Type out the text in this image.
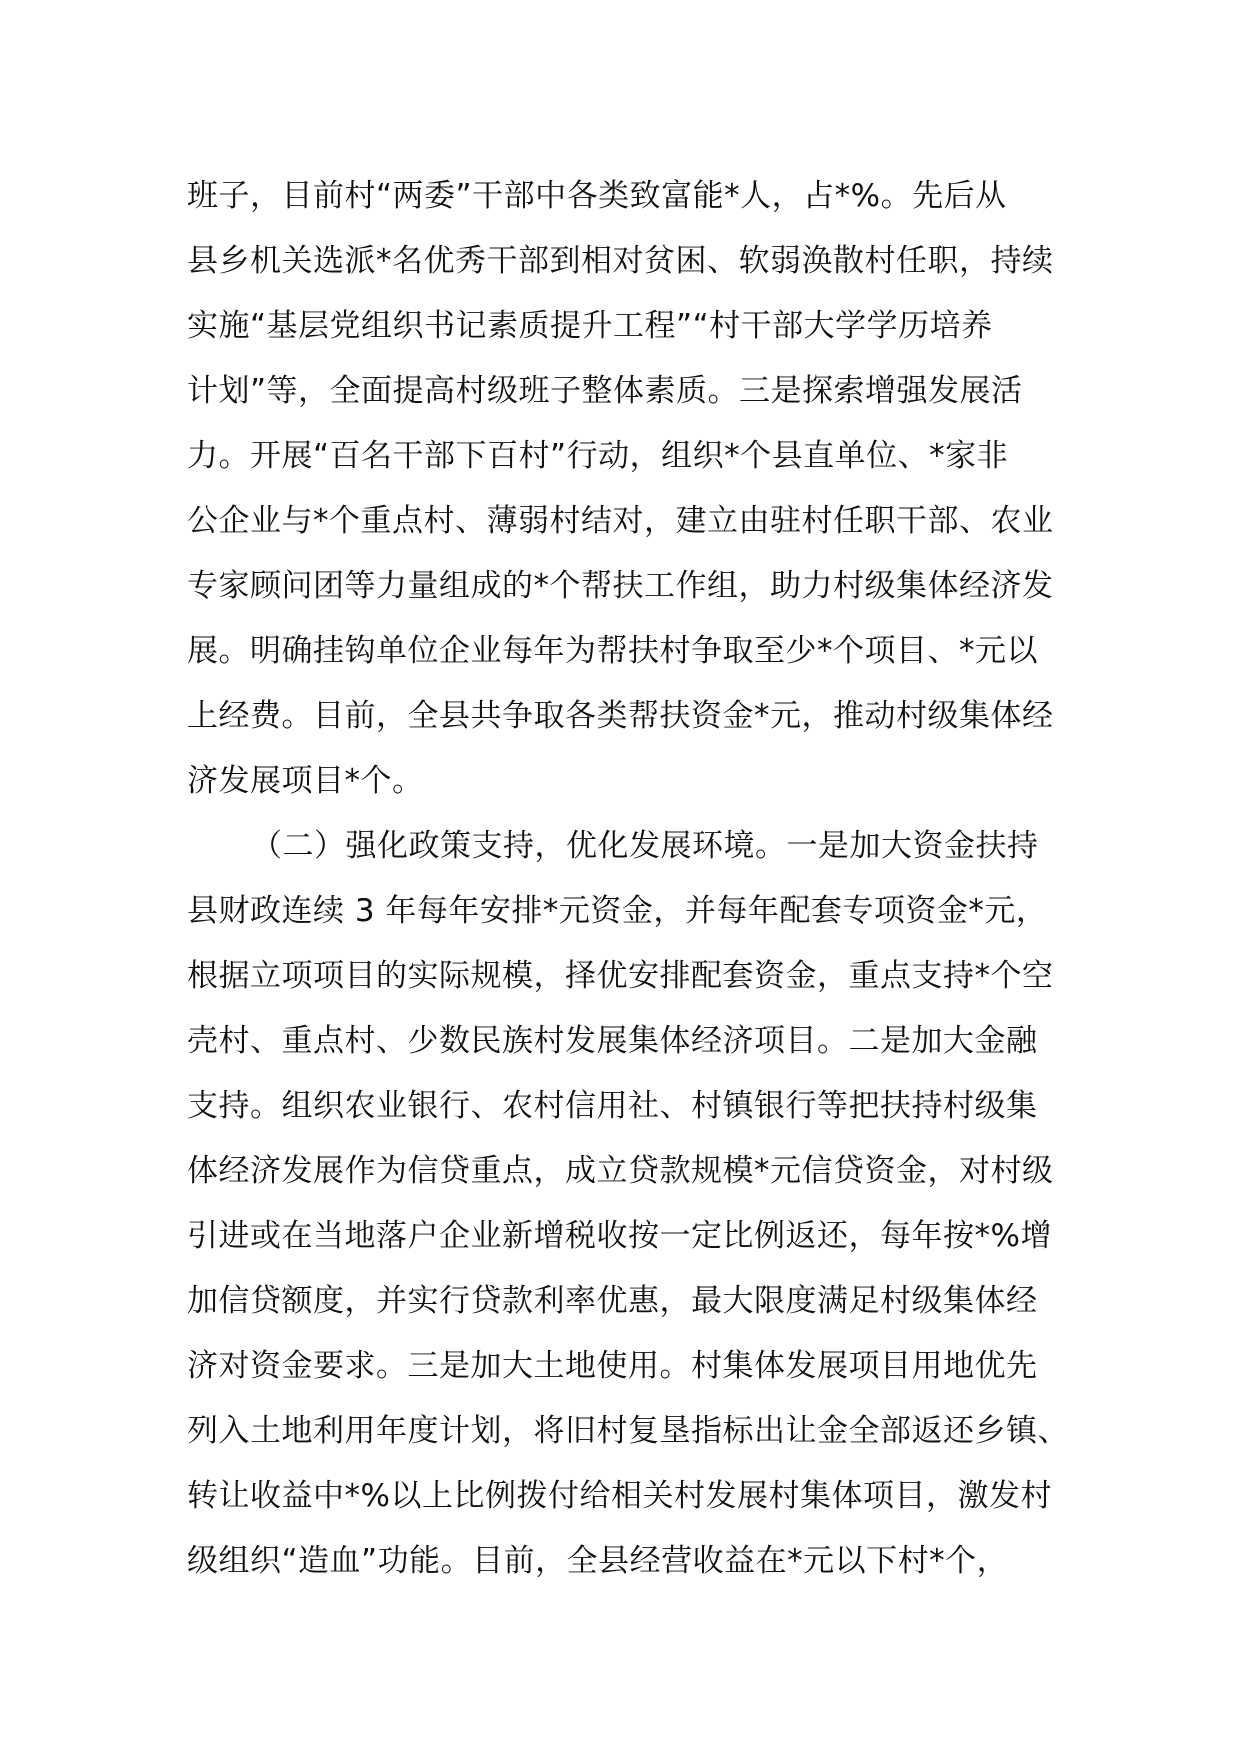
班子，目前村“两委”干部中各类致富能*人，占*%。先后从
县乡机关选派*名优秀干部到相对贫困、软弱涣散村任职，持续
实施“基层党组织书记素质提升工程”“村干部大学学历培养
计划”等，全面提高村级班子整体素质。三是探索增强发展活
力。开展“百名干部下百村”行动，组织*个县直单位、*家非
公企业与*个重点村、薄弱村结对，建立由驻村任职干部、农业
专家顾问团等力量组成的*个帮扶工作组，助力村级集体经济发
展。明确挂钩单位企业每年为帮扶村争取至少*个项目、*元以
上经费。目前，全县共争取各类帮扶资金*元，推动村级集体经
济发展项目*个。
（二）强化政策支持，优化发展环境。一是加大资金扶持
县财政连续 3 年每年安排*元资金，并每年配套专项资金*元，
根据立项项目的实际规模，择优安排配套资金，重点支持*个空
壳村、重点村、少数民族村发展集体经济项目。二是加大金融
支持。组织农业银行、农村信用社、村镇银行等把扶持村级集
体经济发展作为信贷重点，成立贷款规模*元信贷资金，对村级
引进或在当地落户企业新增税收按一定比例返还，每年按*%增
加信贷额度，并实行贷款利率优惠，最大限度满足村级集体经
济对资金要求。三是加大土地使用。村集体发展项目用地优先
列入土地利用年度计划，将旧村复垦指标出让金全部返还乡镇、
转让收益中*%以上比例拨付给相关村发展村集体项目，激发村
级组织“造血”功能。目前，全县经营收益在*元以下村*个，
